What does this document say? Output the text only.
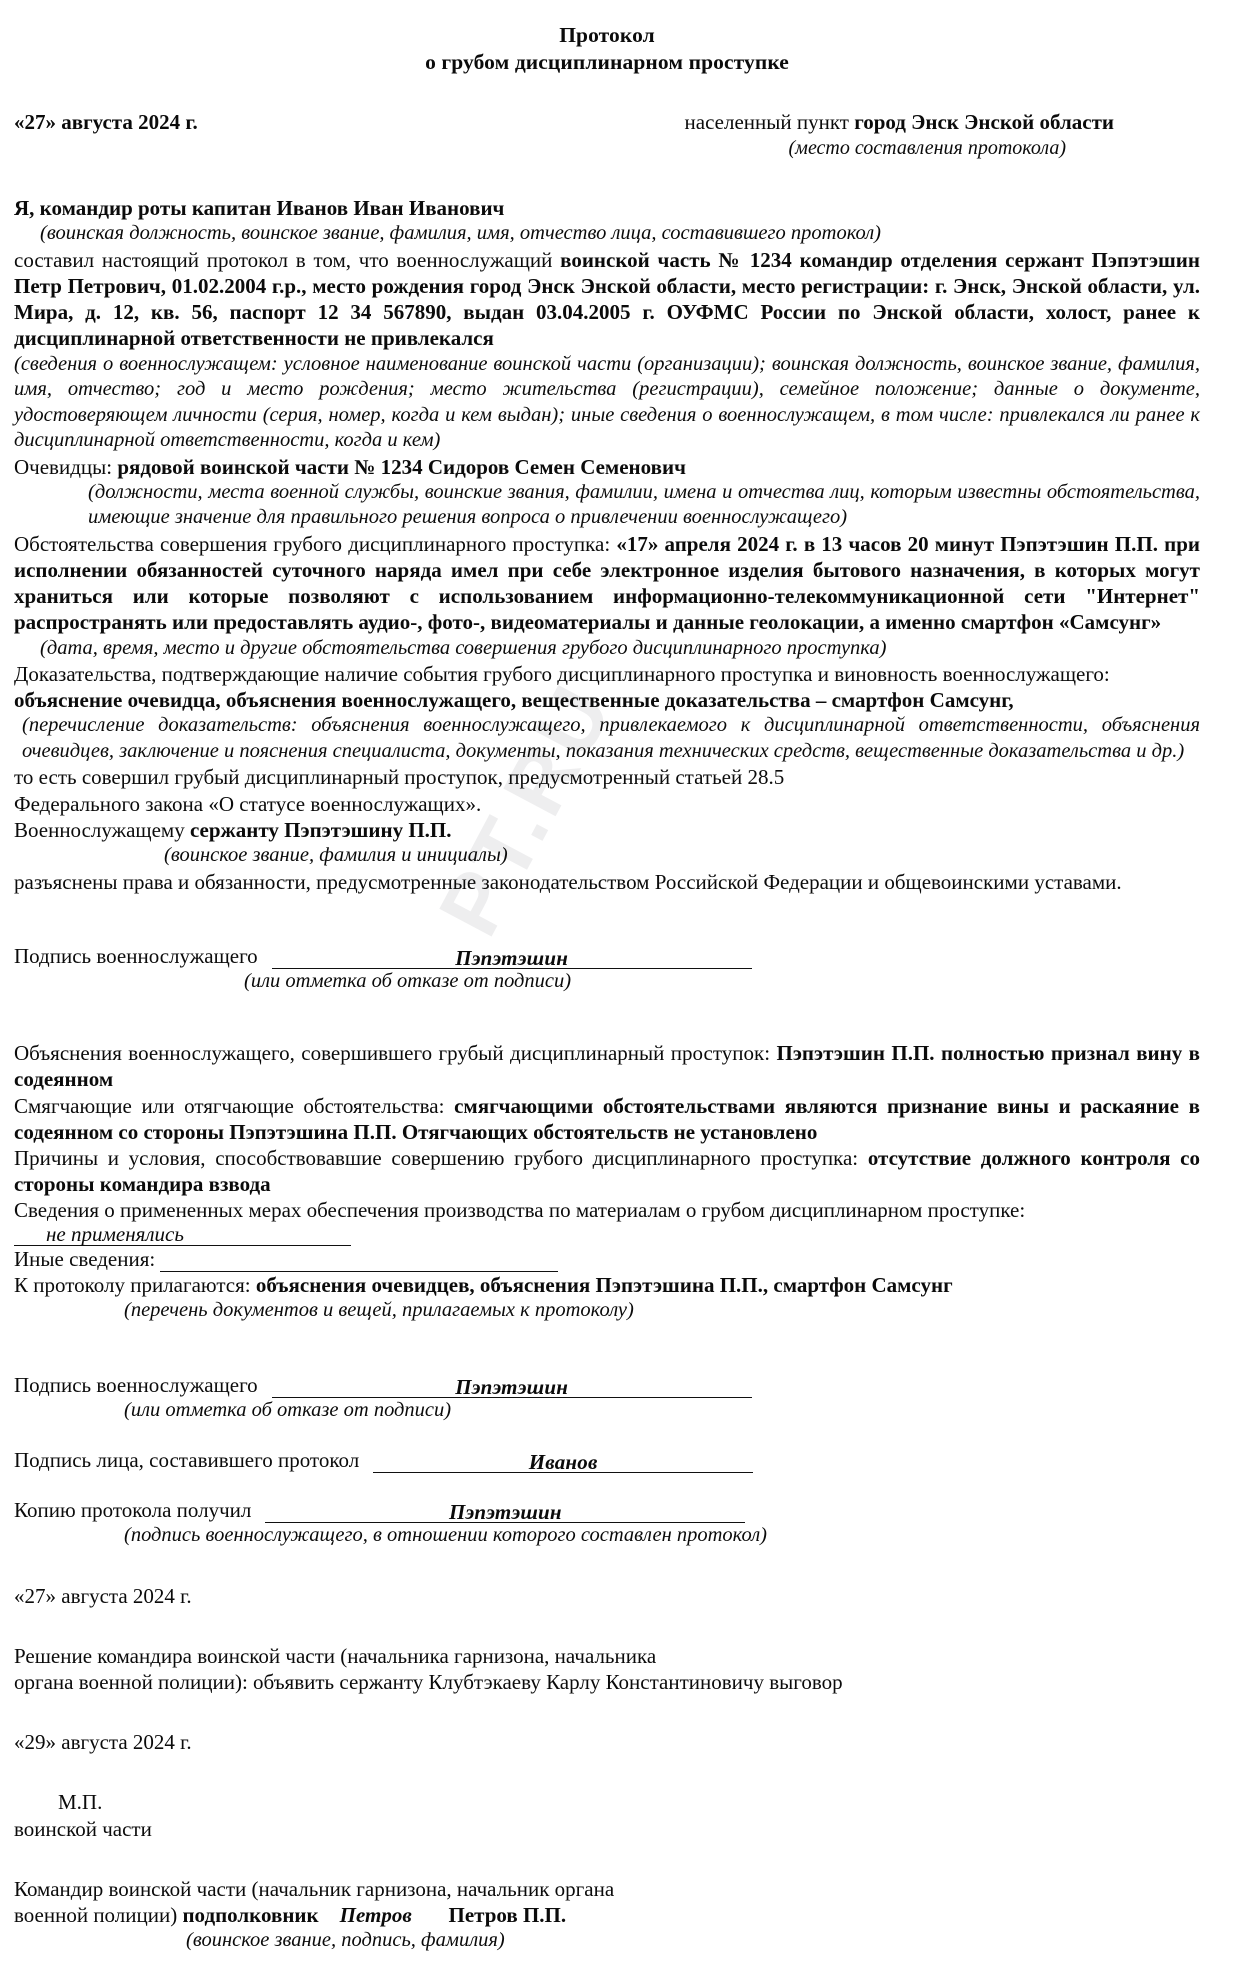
PT.RU
Протокол
о грубом дисциплинарном проступке
«27» августа 2024 г.	населенный пункт город Энск Энской области
(место составления протокола)

Я, командир роты капитан Иванов Иван Иванович

(воинская должность, воинское звание, фамилия, имя, отчество лица, составившего протокол)

составил настоящий протокол в том, что военнослужащий воинской часть № 1234 командир отделения сержант Пэпэтэшин Петр Петрович, 01.02.2004 г.р., место рождения город Энск Энской области, место регистрации: г. Энск, Энской области, ул. Мира, д. 12, кв. 56, паспорт 12 34 567890, выдан 03.04.2005 г. ОУФМС России по Энской области, холост, ранее к дисциплинарной ответственности не привлекался

(сведения о военнослужащем: условное наименование воинской части (организации); воинская должность, воинское звание, фамилия, имя, отчество; год и место рождения; место жительства (регистрации), семейное положение; данные о документе, удостоверяющем личности (серия, номер, когда и кем выдан); иные сведения о военнослужащем, в том числе: привлекался ли ранее к дисциплинарной ответственности, когда и кем)

Очевидцы: рядовой воинской части № 1234 Сидоров Семен Семенович

(должности, места военной службы, воинские звания, фамилии, имена и отчества лиц, которым известны обстоятельства, имеющие значение для правильного решения вопроса о привлечении военнослужащего)

Обстоятельства совершения грубого дисциплинарного проступка: «17» апреля 2024 г. в 13 часов 20 минут Пэпэтэшин П.П. при исполнении обязанностей суточного наряда имел при себе электронное изделия бытового назначения, в которых могут храниться или которые позволяют с использованием информационно-телекоммуникационной сети "Интернет" распространять или предоставлять аудио-, фото-, видеоматериалы и данные геолокации, а именно смартфон «Самсунг»

(дата, время, место и другие обстоятельства совершения грубого дисциплинарного проступка)

Доказательства, подтверждающие наличие события грубого дисциплинарного проступка и виновность военнослужащего:

объяснение очевидца, объяснения военнослужащего, вещественные доказательства – смартфон Самсунг,

(перечисление доказательств: объяснения военнослужащего, привлекаемого к дисциплинарной ответственности, объяснения очевидцев, заключение и пояснения специалиста, документы, показания технических средств, вещественные доказательства и др.)

то есть совершил грубый дисциплинарный проступок, предусмотренный статьей 28.5

Федерального закона «О статусе военнослужащих».

Военнослужащему сержанту Пэпэтэшину П.П.

(воинское звание, фамилия и инициалы)

разъяснены права и обязанности, предусмотренные законодательством Российской Федерации и общевоинскими уставами.

Подпись военнослужащего	Пэпэтэшин

(или отметка об отказе от подписи)

Объяснения военнослужащего, совершившего грубый дисциплинарный проступок: Пэпэтэшин П.П. полностью признал вину в содеянном

Смягчающие или отягчающие обстоятельства: смягчающими обстоятельствами являются признание вины и раскаяние в содеянном со стороны Пэпэтэшина П.П. Отягчающих обстоятельств не установлено

Причины и условия, способствовавшие совершению грубого дисциплинарного проступка: отсутствие должного контроля со стороны командира взвода

Сведения о примененных мерах обеспечения производства по материалам о грубом дисциплинарном проступке:

не применялись

Иные сведения:

К протоколу прилагаются: объяснения очевидцев, объяснения Пэпэтэшина П.П., смартфон Самсунг

(перечень документов и вещей, прилагаемых к протоколу)

Подпись военнослужащего	Пэпэтэшин

(или отметка об отказе от подписи)

Подпись лица, составившего протокол	Иванов
Копию протокола получил	Пэпэтэшин

(подпись военнослужащего, в отношении которого составлен протокол)

«27» августа 2024 г.

Решение командира воинской части (начальника гарнизона, начальника

органа военной полиции): объявить сержанту Клубтэкаеву Карлу Константиновичу выговор

«29» августа 2024 г.

М.П.

воинской части

Командир воинской части (начальник гарнизона, начальник органа

военной полиции) подполковник Петров Петров П.П.

(воинское звание, подпись, фамилия)
